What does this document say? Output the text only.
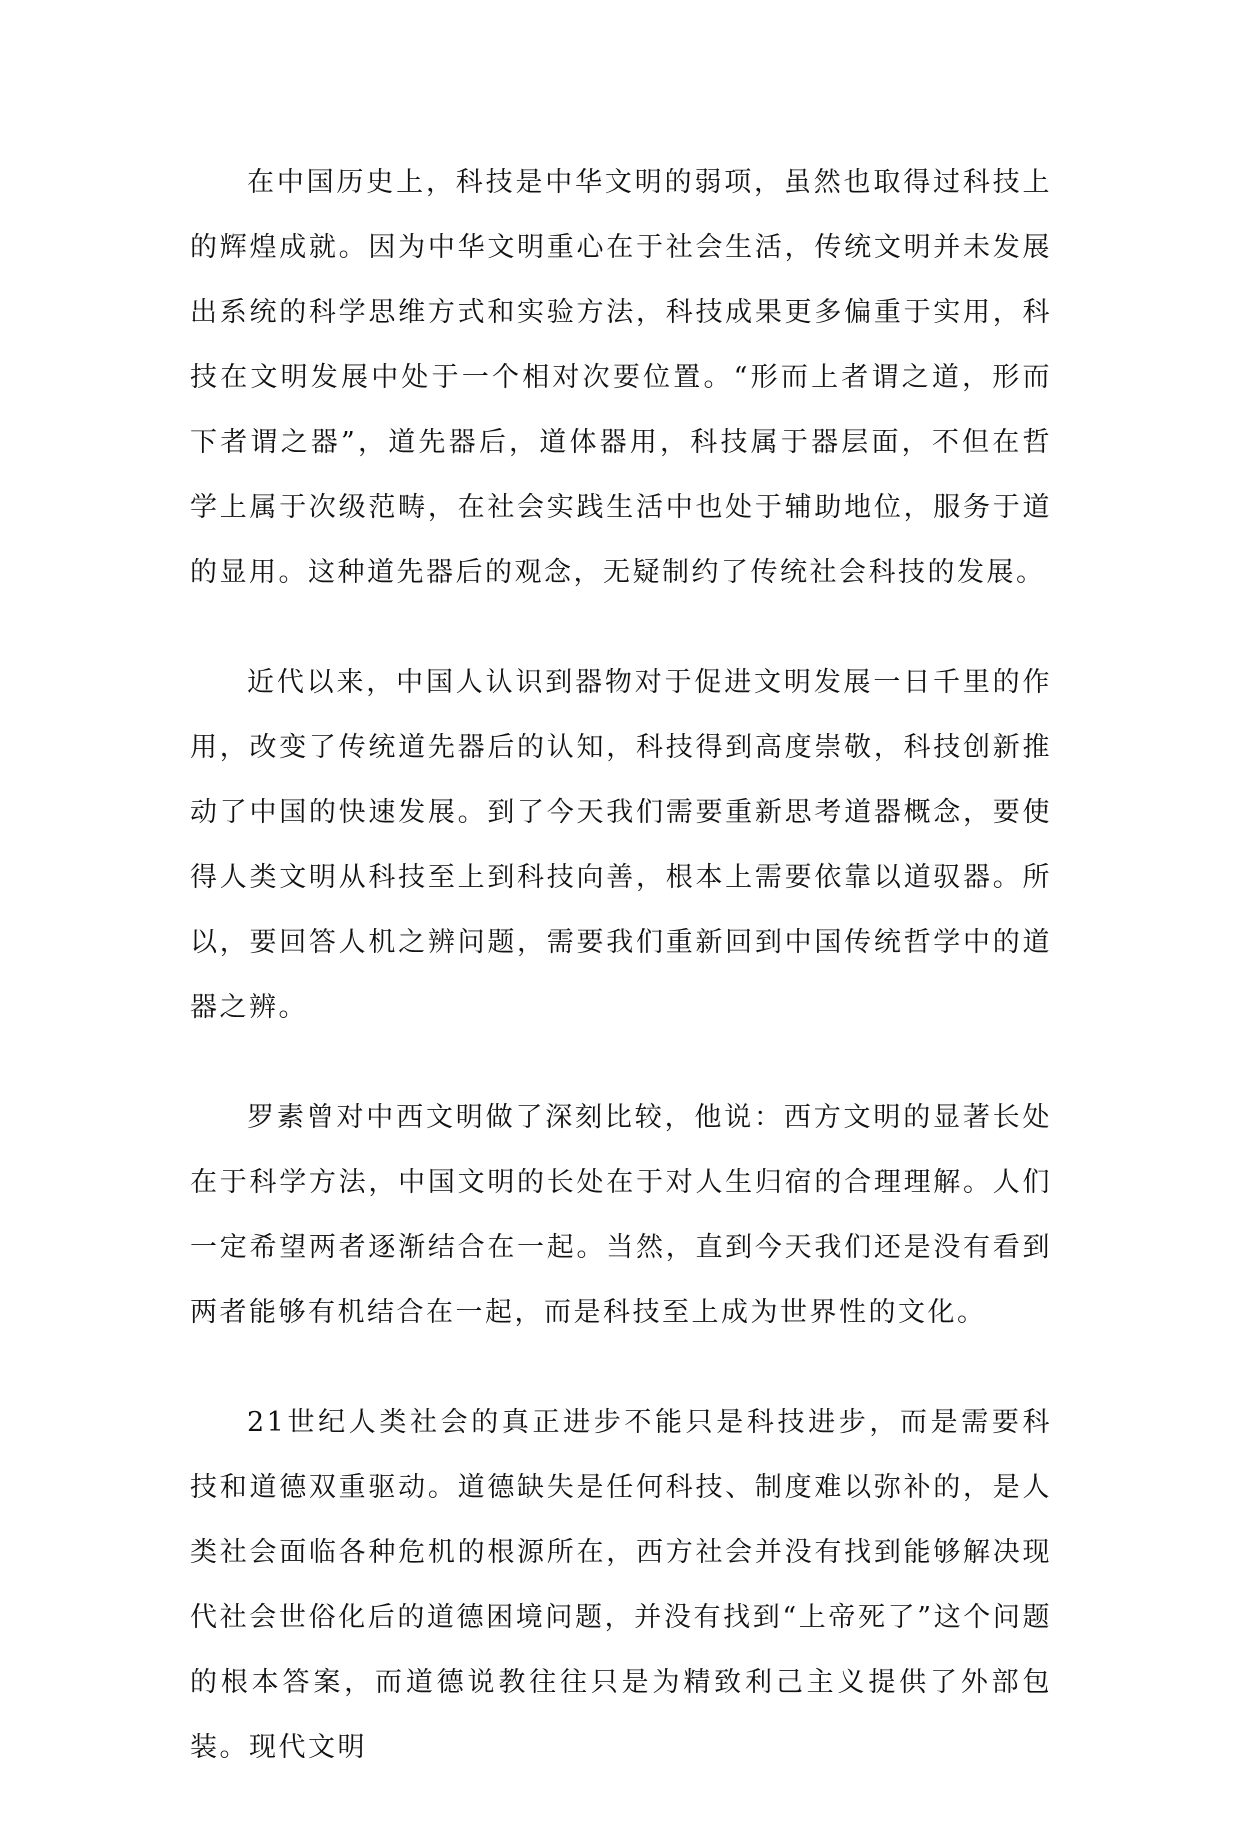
在中国历史上，科技是中华文明的弱项，虽然也取得过科技上的辉煌成就。因为中华文明重心在于社会生活，传统文明并未发展出系统的科学思维方式和实验方法，科技成果更多偏重于实用，科技在文明发展中处于一个相对次要位置。“形而上者谓之道，形而下者谓之器”，道先器后，道体器用，科技属于器层面，不但在哲学上属于次级范畴，在社会实践生活中也处于辅助地位，服务于道的显用。这种道先器后的观念，无疑制约了传统社会科技的发展。

近代以来，中国人认识到器物对于促进文明发展一日千里的作用，改变了传统道先器后的认知，科技得到高度崇敬，科技创新推动了中国的快速发展。到了今天我们需要重新思考道器概念，要使得人类文明从科技至上到科技向善，根本上需要依靠以道驭器。所以，要回答人机之辨问题，需要我们重新回到中国传统哲学中的道器之辨。

罗素曾对中西文明做了深刻比较，他说：西方文明的显著长处在于科学方法，中国文明的长处在于对人生归宿的合理理解。人们一定希望两者逐渐结合在一起。当然，直到今天我们还是没有看到两者能够有机结合在一起，而是科技至上成为世界性的文化。

21世纪人类社会的真正进步不能只是科技进步，而是需要科技和道德双重驱动。道德缺失是任何科技、制度难以弥补的，是人类社会面临各种危机的根源所在，西方社会并没有找到能够解决现代社会世俗化后的道德困境问题，并没有找到“上帝死了”这个问题的根本答案，而道德说教往往只是为精致利己主义提供了外部包装。现代文明
